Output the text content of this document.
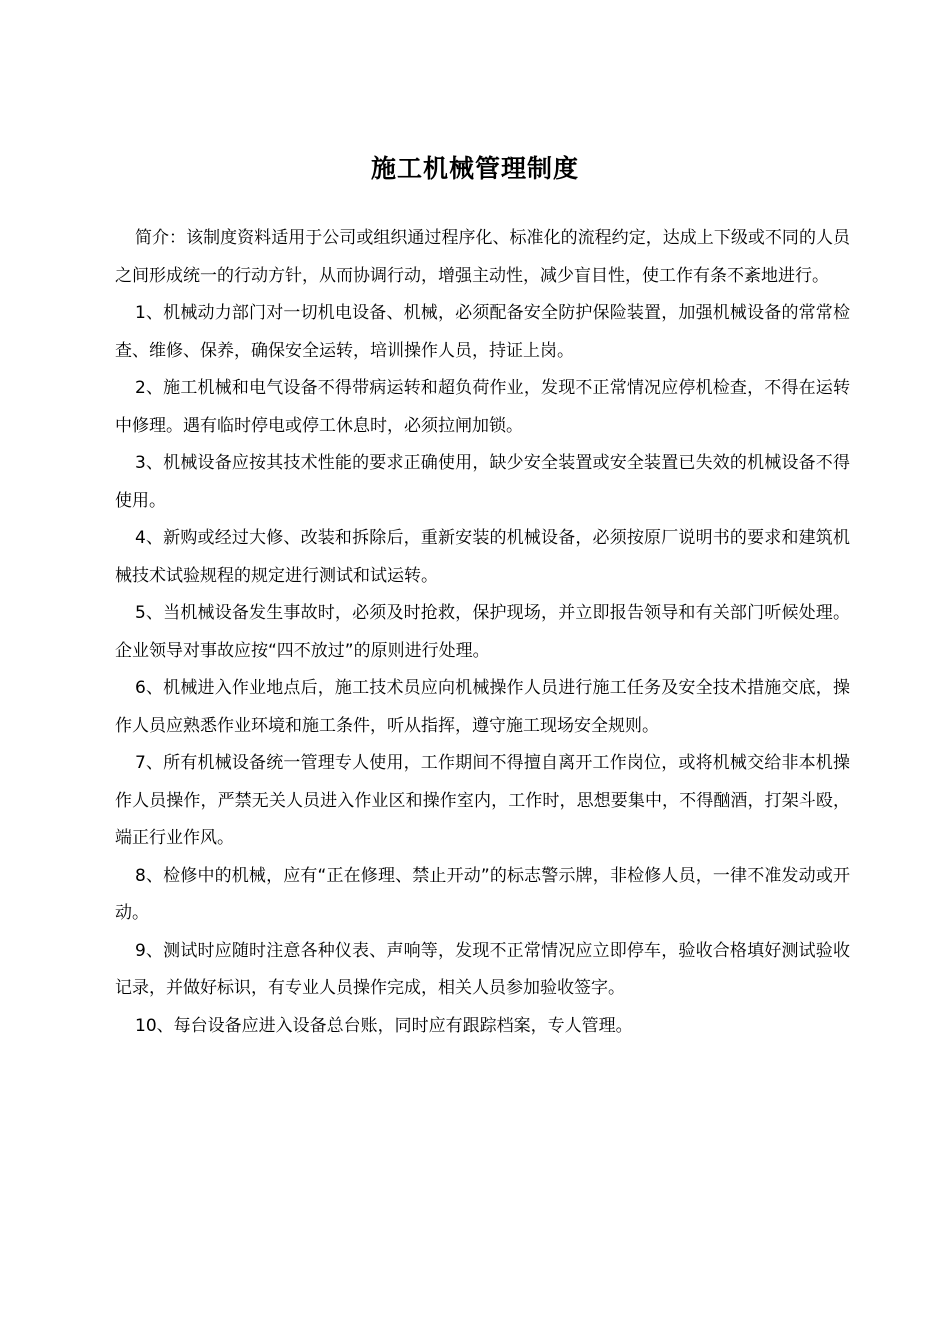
施工机械管理制度

简介：该制度资料适用于公司或组织通过程序化、标准化的流程约定，达成上下级或不同的人员之间形成统一的行动方针，从而协调行动，增强主动性，减少盲目性，使工作有条不紊地进行。

1、机械动力部门对一切机电设备、机械，必须配备安全防护保险装置，加强机械设备的常常检查、维修、保养，确保安全运转，培训操作人员，持证上岗。

2、施工机械和电气设备不得带病运转和超负荷作业，发现不正常情况应停机检查，不得在运转中修理。遇有临时停电或停工休息时，必须拉闸加锁。

3、机械设备应按其技术性能的要求正确使用，缺少安全装置或安全装置已失效的机械设备不得使用。

4、新购或经过大修、改装和拆除后，重新安装的机械设备，必须按原厂说明书的要求和建筑机械技术试验规程的规定进行测试和试运转。

5、当机械设备发生事故时，必须及时抢救，保护现场，并立即报告领导和有关部门听候处理。企业领导对事故应按“四不放过”的原则进行处理。

6、机械进入作业地点后，施工技术员应向机械操作人员进行施工任务及安全技术措施交底，操作人员应熟悉作业环境和施工条件，听从指挥，遵守施工现场安全规则。

7、所有机械设备统一管理专人使用，工作期间不得擅自离开工作岗位，或将机械交给非本机操作人员操作，严禁无关人员进入作业区和操作室内，工作时，思想要集中，不得酗酒，打架斗殴，端正行业作风。

8、检修中的机械，应有“正在修理、禁止开动”的标志警示牌，非检修人员，一律不准发动或开动。

9、测试时应随时注意各种仪表、声响等，发现不正常情况应立即停车，验收合格填好测试验收记录，并做好标识，有专业人员操作完成，相关人员参加验收签字。

10、每台设备应进入设备总台账，同时应有跟踪档案，专人管理。
